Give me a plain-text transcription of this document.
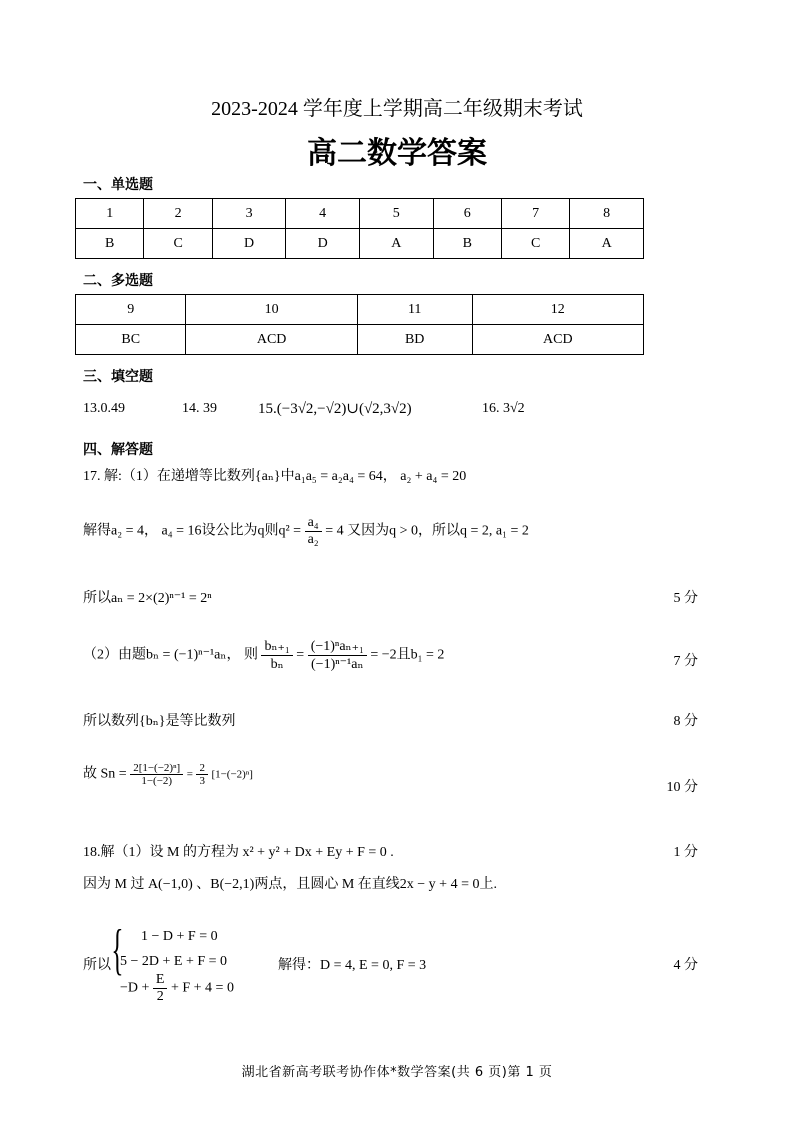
2023-2024 学年度上学期高二年级期末考试
高二数学答案
一、单选题
1	2	3	4	5	6	7	8
B	C	D	D	A	B	C	A
二、多选题
9	10	11	12
BC	ACD	BD	ACD
三、填空题
13.0.49	14. 39	15.(−3√2,−√2)∪(√2,3√2)	16. 3√2
四、解答题
17. 解:（1）在递增等比数列{aₙ}中a₁a₅ = a₂a₄ = 64， a₂ + a₄ = 20
解得a₂ = 4， a₄ = 16设公比为q则$q^2 = \frac{\text{a₄}}{\text{a₂}} = 4$ 又因为q > 0，所以q = 2, a₁ = 2
所以aₙ = 2×(2)ⁿ⁻¹ = 2ⁿ	5 分
（2）由题bₙ = (−1)ⁿ⁻¹aₙ， 则 $\frac{\text{bₙ₊₁}}{\text{bₙ}} = \frac{\text{(−1)ⁿaₙ₊₁}}{\text{(−1)ⁿ⁻¹aₙ}} = -2$且b₁ = 2	7 分
所以数列{bₙ}是等比数列	8 分
故 $Sn = \frac{\text{2[1−(−2)ⁿ]}}{1-(-2)} = \frac{2}{3} [1-(-2)^n]$
10 分
18.解（1）设 M 的方程为 x² + y² + Dx + Ey + F = 0 .	1 分
因为 M 过 A(−1,0) 、B(−2,1)两点，且圆心 M 在直线2x − y + 4 = 0上.
所以 { 1 − D + F = 0
5 − 2D + E + F = 0
$-D + \frac{E}{2} + F + 4 = 0$
解得：D = 4, E = 0, F = 3	4 分
湖北省新高考联考协作体*数学答案(共 6 页)第 1 页
